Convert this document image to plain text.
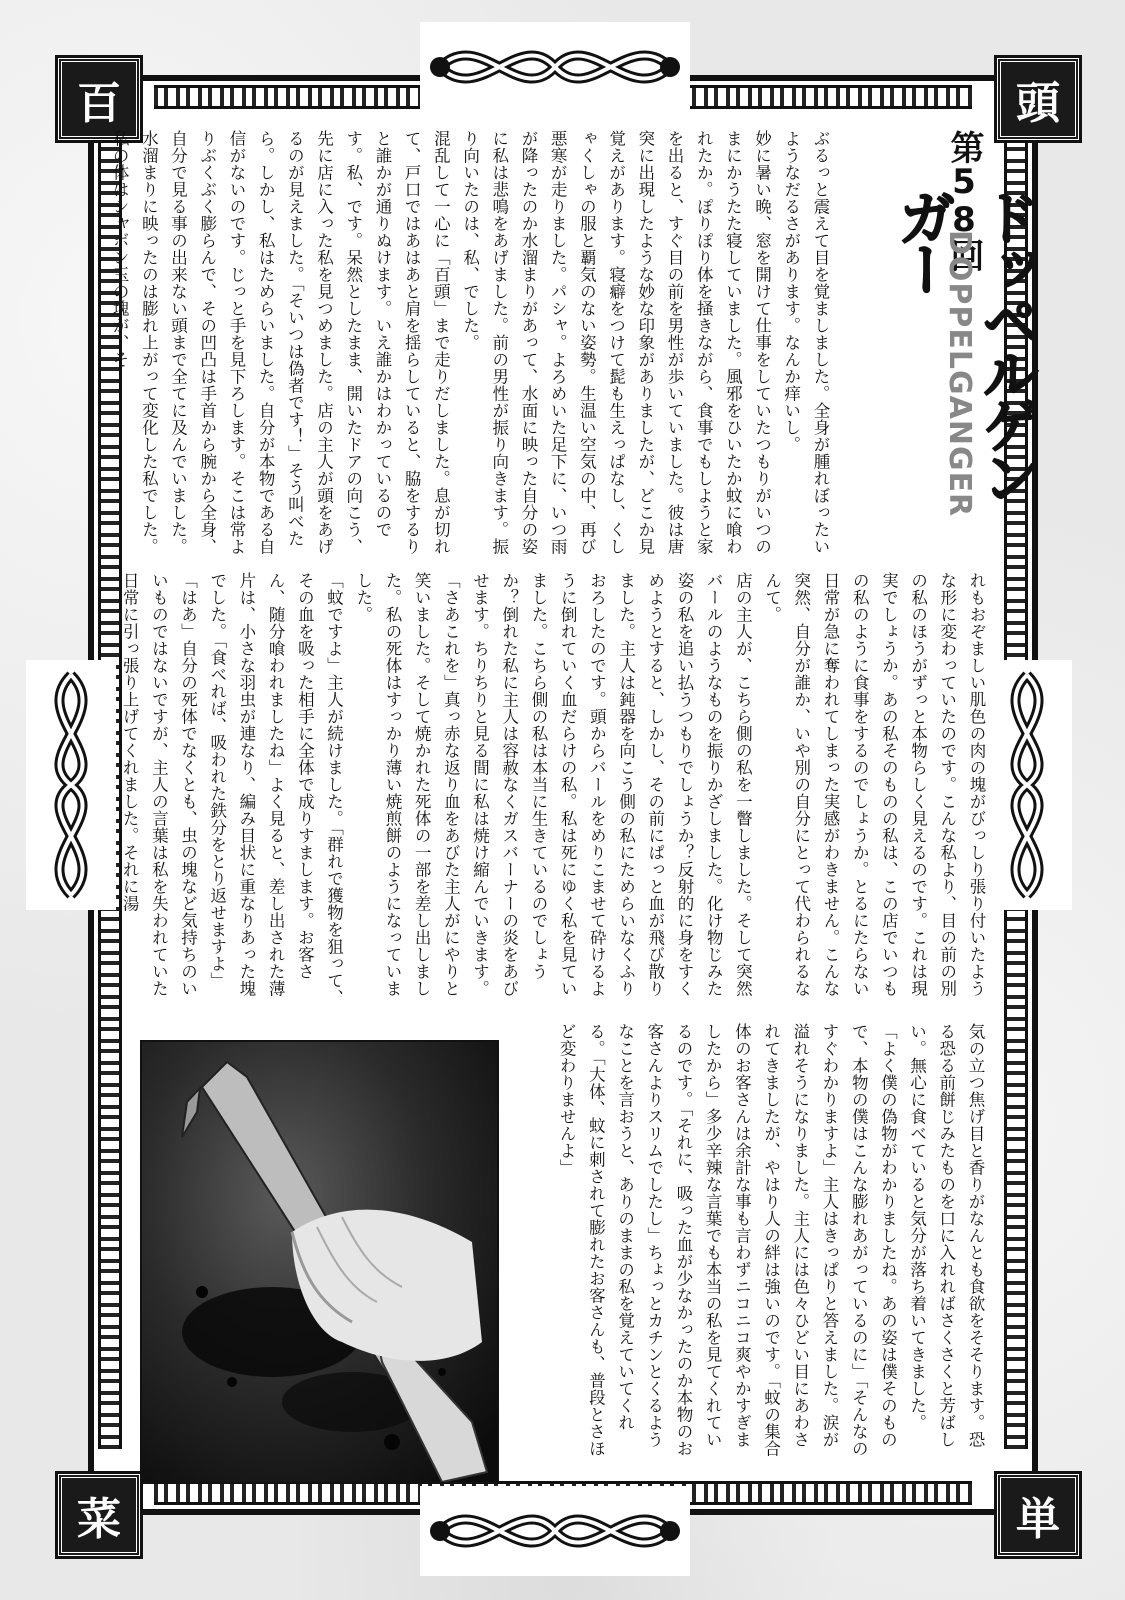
百	頭
菜	単
第58回
ドッペルゲンガー
DOPPELGANGER
ぶるっと震えて目を覚ましました。全身が腫れぼったいようなだるさがあります。なんか痒いし。
妙に暑い晩、窓を開けて仕事をしていたつもりがいつのまにかうたた寝していました。風邪をひいたか蚊に喰われたか。ぽりぽり体を掻きながら、食事でもしようと家を出ると、すぐ目の前を男性が歩いていました。彼は唐突に出現したような妙な印象がありましたが、どこか見覚えがあります。寝癖をつけて髭も生えっぱなし、くしゃくしゃの服と覇気のない姿勢。生温い空気の中、再び悪寒が走りました。パシャ。よろめいた足下に、いつ雨が降ったのか水溜まりがあって、水面に映った自分の姿に私は悲鳴をあげました。前の男性が振り向きます。振り向いたのは、私、でした。
混乱して一心に「百頭」まで走りだしました。息が切れて、戸口ではあはあと肩を揺らしていると、脇をするりと誰かが通りぬけます。いえ誰かはわかっているのです。私、です。呆然としたまま、開いたドアの向こう、先に店に入った私を見つめました。店の主人が頭をあげるのが見えました。「そいつは偽者です！」そう叫べたら。しかし、私はためらいました。自分が本物である自信がないのです。じっと手を見下ろします。そこは常よりぶくぶく膨らんで、その凹凸は手首から腕から全身、自分で見る事の出来ない頭まで全てに及んでいました。水溜まりに映ったのは膨れ上がって変化した私でした。私の体はシャボン玉の塊が、そ
れもおぞましい肌色の肉の塊がびっしり張り付いたような形に変わっていたのです。こんな私より、目の前の別の私のほうがずっと本物らしく見えるのです。これは現実でしょうか。あの私そのものの私は、この店でいつもの私のように食事をするのでしょうか。とるにたらない日常が急に奪われてしまった実感がわきません。こんな突然、自分が誰か、いや別の自分にとって代わられるなんて。
店の主人が、こちら側の私を一瞥しました。そして突然バールのようなものを振りかざしました。化け物じみた姿の私を追い払うつもりでしょうか？反射的に身をすくめようとすると、しかし、その前にぱっと血が飛び散りました。主人は鈍器を向こう側の私にためらいなくふりおろしたのです。頭からバールをめりこませて砕けるように倒れていく血だらけの私。私は死にゆく私を見ていました。こちら側の私は本当に生きているのでしょうか？倒れた私に主人は容赦なくガスバーナーの炎をあびせます。ちりちりと見る間に私は焼け縮んでいきます。「さあこれを」真っ赤な返り血をあびた主人がにやりと笑いました。そして焼かれた死体の一部を差し出しました。私の死体はすっかり薄い焼煎餅のようになっていました。
「蚊ですよ」主人が続けました。「群れで獲物を狙って、その血を吸った相手に全体で成りすまします。お客さん、随分喰われましたね」よく見ると、差し出された薄片は、小さな羽虫が連なり、編み目状に重なりあった塊でした。「食べれば、吸われた鉄分をとり返せますよ」「はあ」自分の死体でなくとも、虫の塊など気持ちのいいものではないですが、主人の言葉は私を失われていた日常に引っ張り上げてくれました。それに湯
気の立つ焦げ目と香りがなんとも食欲をそそります。恐る恐る前餅じみたものを口に入れればさくさくと芳ばしい。無心に食べていると気分が落ち着いてきました。
「よく僕の偽物がわかりましたね。あの姿は僕そのもので、本物の僕はこんな膨れあがっているのに」「そんなのすぐわかりますよ」主人はきっぱりと答えました。涙が溢れそうになりました。主人には色々ひどい目にあわされてきましたが、やはり人の絆は強いのです。「蚊の集合体のお客さんは余計な事も言わずニコニコ爽やかすぎましたから」多少辛辣な言葉でも本当の私を見てくれているのです。「それに、吸った血が少なかったのか本物のお客さんよりスリムでしたし」ちょっとカチンとくるようなことを言おうと、ありのままの私を覚えていてくれる。「大体、蚊に刺されて膨れたお客さんも、普段とさほど変わりませんよ」
